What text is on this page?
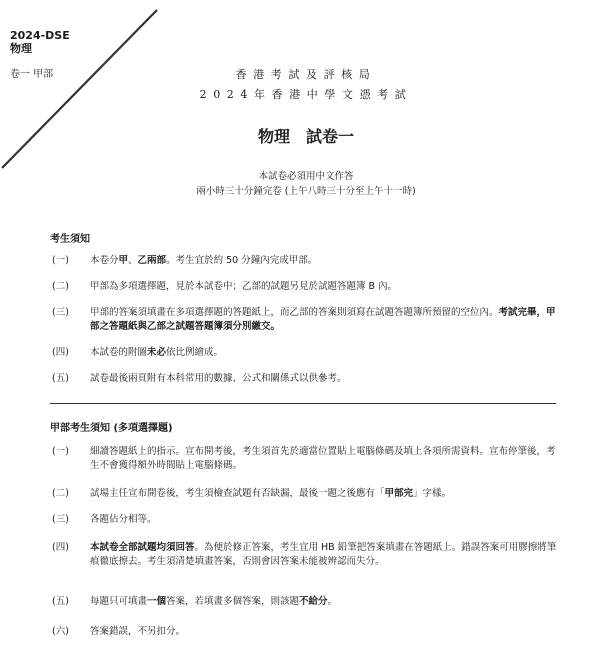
2024-DSE
物理
卷一 甲部	香港考試及評核局
2024年香港中學文憑考試
物理　試卷一
本試卷必須用中文作答
兩小時三十分鐘完卷 (上午八時三十分至上午十一時)
考生須知
(一)	本卷分甲、乙兩部。考生宜於約 50 分鐘內完成甲部。
(二)	甲部為多項選擇題，見於本試卷中；乙部的試題另見於試題答題簿 B 內。
(三)	甲部的答案須填畫在多項選擇題的答題紙上，而乙部的答案則須寫在試題答題簿所預留的空位內。考試完畢，甲部之答題紙與乙部之試題答題簿須分別繳交。
(四)	本試卷的附圖未必依比例繪成。
(五)	試卷最後兩頁附有本科常用的數據、公式和關係式以供參考。
甲部考生須知 (多項選擇題)
(一)	細讀答題紙上的指示。宣布開考後，考生須首先於適當位置貼上電腦條碼及填上各項所需資料。宣布停筆後，考生不會獲得額外時間貼上電腦條碼。
(二)	試場主任宣布開卷後，考生須檢查試題有否缺漏，最後一題之後應有「甲部完」字樣。
(三)	各題佔分相等。
(四)	本試卷全部試題均須回答。為便於修正答案，考生宜用 HB 鉛筆把答案填畫在答題紙上。錯誤答案可用膠擦將筆痕徹底擦去。考生須清楚填畫答案，否則會因答案未能被辨認而失分。
(五)	每題只可填畫一個答案，若填畫多個答案，則該題不給分。
(六)	答案錯誤，不另扣分。
